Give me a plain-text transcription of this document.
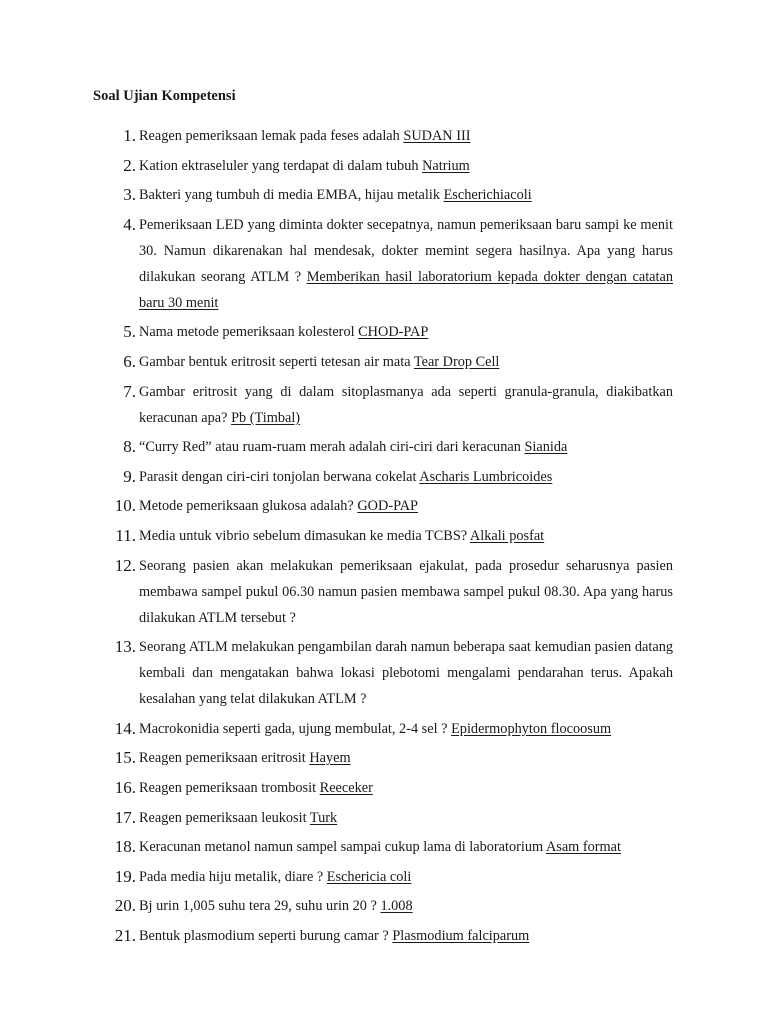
Soal Ujian Kompetensi
1. Reagen pemeriksaan lemak pada feses adalah SUDAN III
2. Kation ektraseluler yang terdapat di dalam tubuh Natrium
3. Bakteri yang tumbuh di media EMBA, hijau metalik Escherichiacoli
4. Pemeriksaan LED yang diminta dokter secepatnya, namun pemeriksaan baru sampi ke menit 30. Namun dikarenakan hal mendesak, dokter memint segera hasilnya. Apa yang harus dilakukan seorang ATLM ? Memberikan hasil laboratorium kepada dokter dengan catatan baru 30 menit
5. Nama metode pemeriksaan kolesterol CHOD-PAP
6. Gambar bentuk eritrosit seperti tetesan air mata Tear Drop Cell
7. Gambar eritrosit yang di dalam sitoplasmanya ada seperti granula-granula, diakibatkan keracunan apa? Pb (Timbal)
8. “Curry Red” atau ruam-ruam merah adalah ciri-ciri dari keracunan Sianida
9. Parasit dengan ciri-ciri tonjolan berwana cokelat Ascharis Lumbricoides
10. Metode pemeriksaan glukosa adalah? GOD-PAP
11. Media untuk vibrio sebelum dimasukan ke media TCBS? Alkali posfat
12. Seorang pasien akan melakukan pemeriksaan ejakulat, pada prosedur seharusnya pasien membawa sampel pukul 06.30 namun pasien membawa sampel pukul 08.30. Apa yang harus dilakukan ATLM tersebut ?
13. Seorang ATLM melakukan pengambilan darah namun beberapa saat kemudian pasien datang kembali dan mengatakan bahwa lokasi plebotomi mengalami pendarahan terus. Apakah kesalahan yang telat dilakukan ATLM ?
14. Macrokonidia seperti gada, ujung membulat, 2-4 sel ? Epidermophyton flocoosum
15. Reagen pemeriksaan eritrosit Hayem
16. Reagen pemeriksaan trombosit Reeceker
17. Reagen pemeriksaan leukosit Turk
18. Keracunan metanol namun sampel sampai cukup lama di laboratorium Asam format
19. Pada media hiju metalik, diare ? Eschericia coli
20. Bj urin 1,005 suhu tera 29, suhu urin 20 ? 1.008
21. Bentuk plasmodium seperti burung camar ? Plasmodium falciparum
